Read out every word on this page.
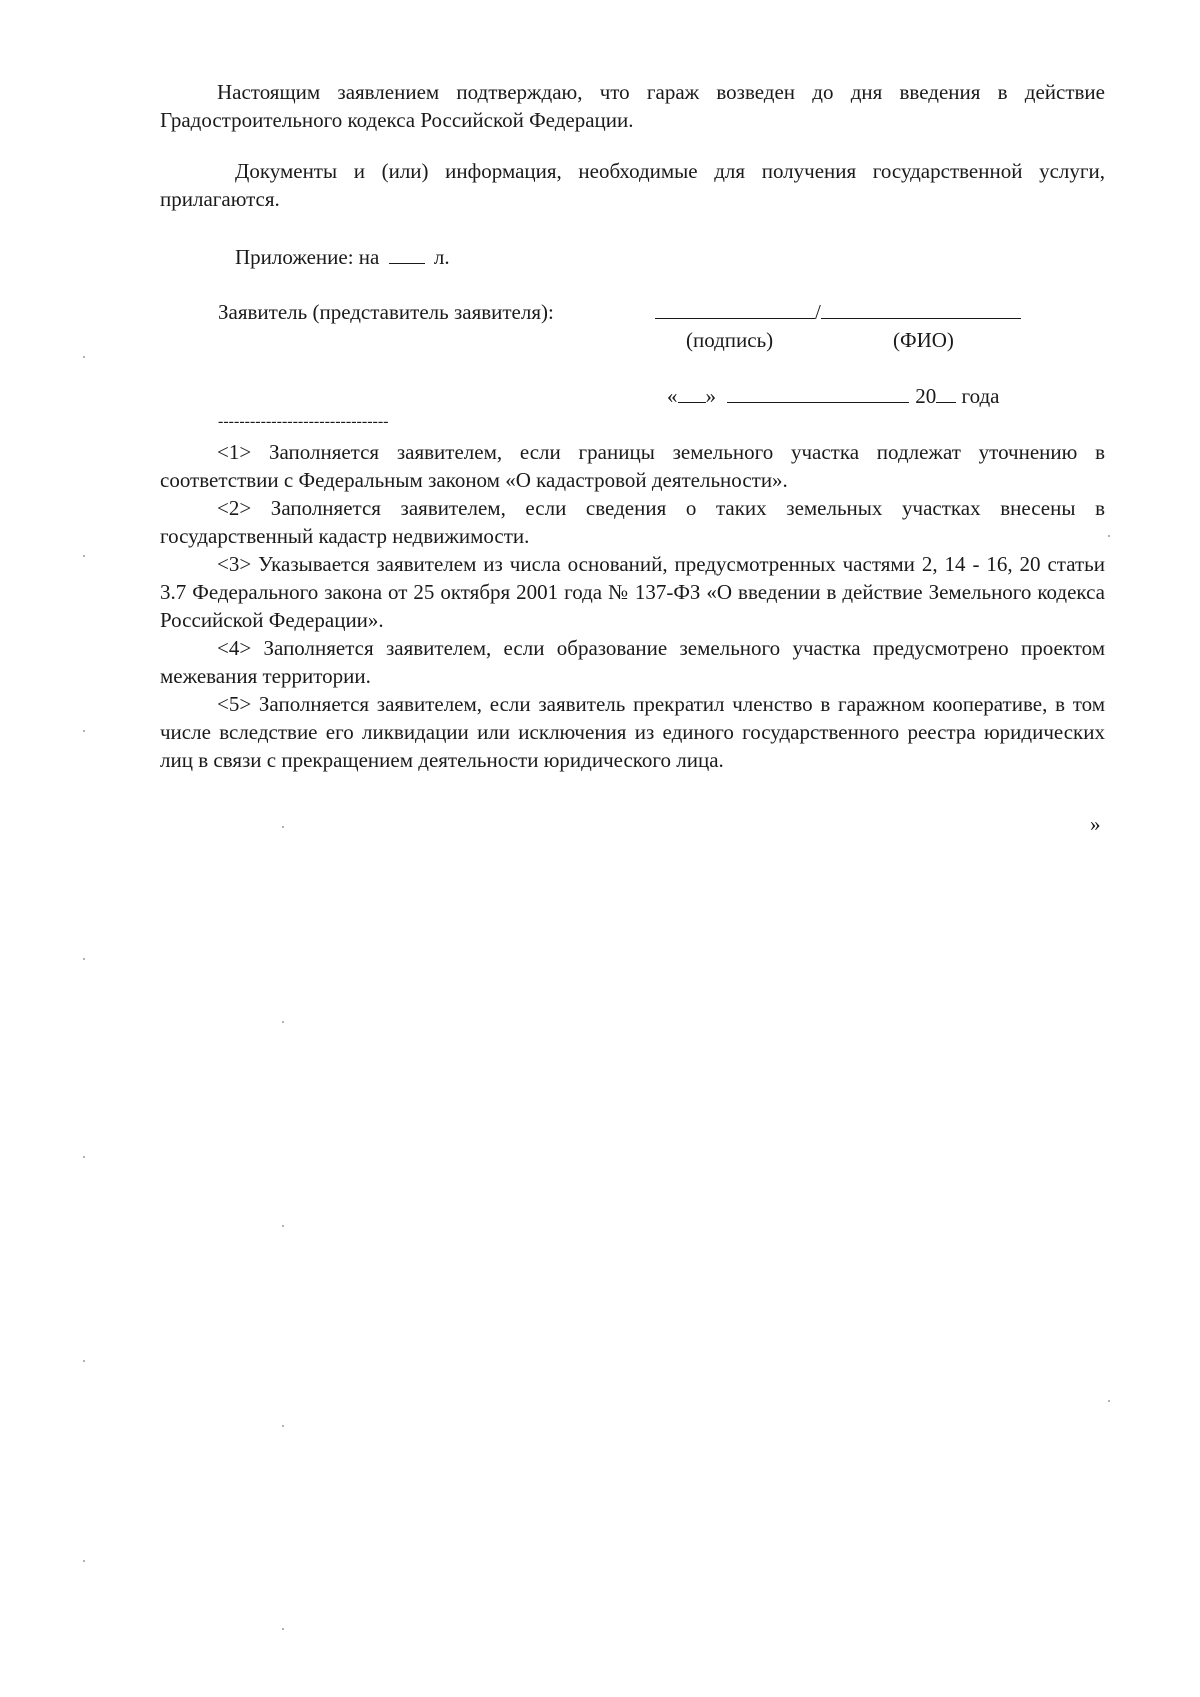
Настоящим заявлением подтверждаю, что гараж возведен до дня введения в действие Градостроительного кодекса Российской Федерации.

Документы и (или) информация, необходимые для получения государственной услуги, прилагаются.

Приложение: на	л.
Заявитель (представитель заявителя):	/
(подпись)	(ФИО)
« »	20 года
--------------------------------

<1> Заполняется заявителем, если границы земельного участка подлежат уточнению в соответствии с Федеральным законом «О кадастровой деятельности».

<2> Заполняется заявителем, если сведения о таких земельных участках внесены в государственный кадастр недвижимости.

<3> Указывается заявителем из числа оснований, предусмотренных частями 2, 14 - 16, 20 статьи 3.7 Федерального закона от 25 октября 2001 года № 137-ФЗ «О введении в действие Земельного кодекса Российской Федерации».

<4> Заполняется заявителем, если образование земельного участка предусмотрено проектом межевания территории.

<5> Заполняется заявителем, если заявитель прекратил членство в гаражном кооперативе, в том числе вследствие его ликвидации или исключения из единого государственного реестра юридических лиц в связи с прекращением деятельности юридического лица.

»
